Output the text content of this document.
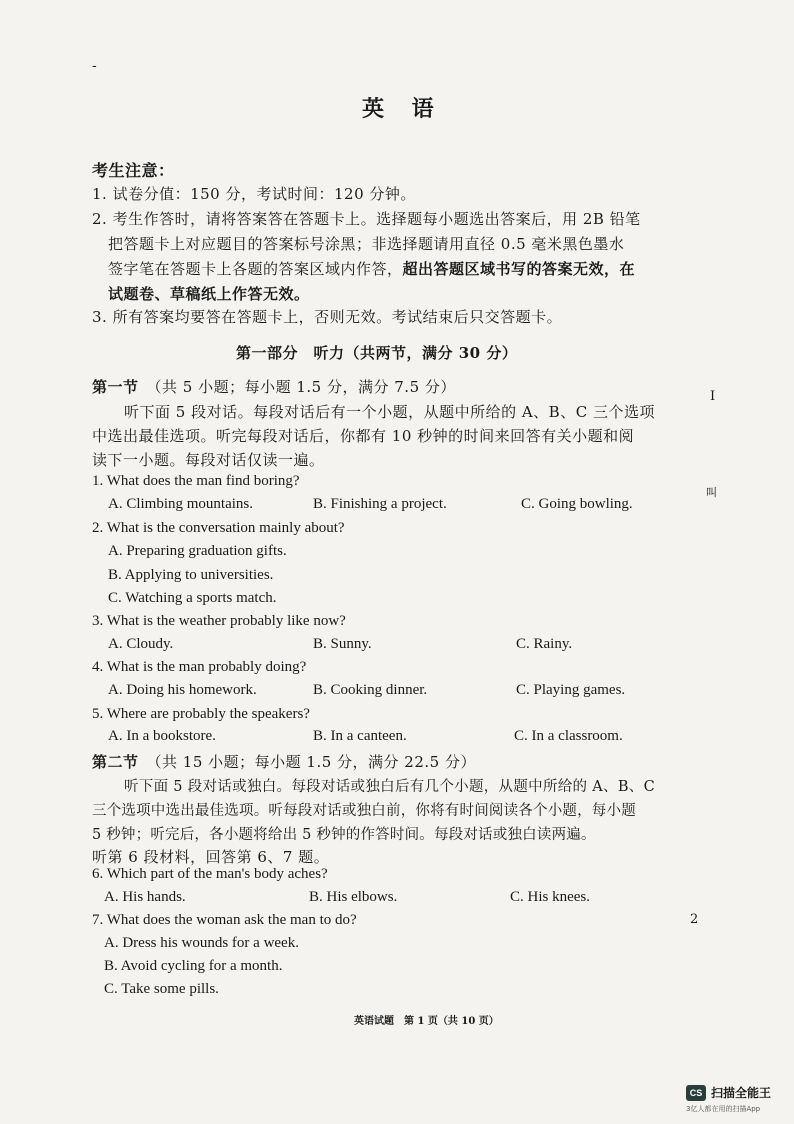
-
英 语
考生注意：
1. 试卷分值：150 分，考试时间：120 分钟。
2. 考生作答时，请将答案答在答题卡上。选择题每小题选出答案后，用 2B 铅笔
把答题卡上对应题目的答案标号涂黑；非选择题请用直径 0.5 毫米黑色墨水
签字笔在答题卡上各题的答案区域内作答，超出答题区域书写的答案无效，在
试题卷、草稿纸上作答无效。
3. 所有答案均要答在答题卡上，否则无效。考试结束后只交答题卡。
第一部分　听力（共两节，满分 30 分）
第一节 （共 5 小题；每小题 1.5 分，满分 7.5 分）
听下面 5 段对话。每段对话后有一个小题，从题中所给的 A、B、C 三个选项
中选出最佳选项。听完每段对话后，你都有 10 秒钟的时间来回答有关小题和阅
读下一小题。每段对话仅读一遍。
1. What does the man find boring?
A. Climbing mountains.	B. Finishing a project.	C. Going bowling.
2. What is the conversation mainly about?
A. Preparing graduation gifts.
B. Applying to universities.
C. Watching a sports match.
3. What is the weather probably like now?
A. Cloudy.	B. Sunny.	C. Rainy.
4. What is the man probably doing?
A. Doing his homework.	B. Cooking dinner.	C. Playing games.
5. Where are probably the speakers?
A. In a bookstore.	B. In a canteen.	C. In a classroom.
第二节 （共 15 小题；每小题 1.5 分，满分 22.5 分）
听下面 5 段对话或独白。每段对话或独白后有几个小题，从题中所给的 A、B、C
三个选项中选出最佳选项。听每段对话或独白前，你将有时间阅读各个小题，每小题
5 秒钟；听完后，各小题将给出 5 秒钟的作答时间。每段对话或独白读两遍。
听第 6 段材料，回答第 6、7 题。
6. Which part of the man's body aches?
A. His hands.	B. His elbows.	C. His knees.
7. What does the woman ask the man to do?
A. Dress his wounds for a week.
B. Avoid cycling for a month.
C. Take some pills.
英语试题　第 1 页（共 10 页）
I
叫
2
CS 扫描全能王
3亿人都在用的扫描App
